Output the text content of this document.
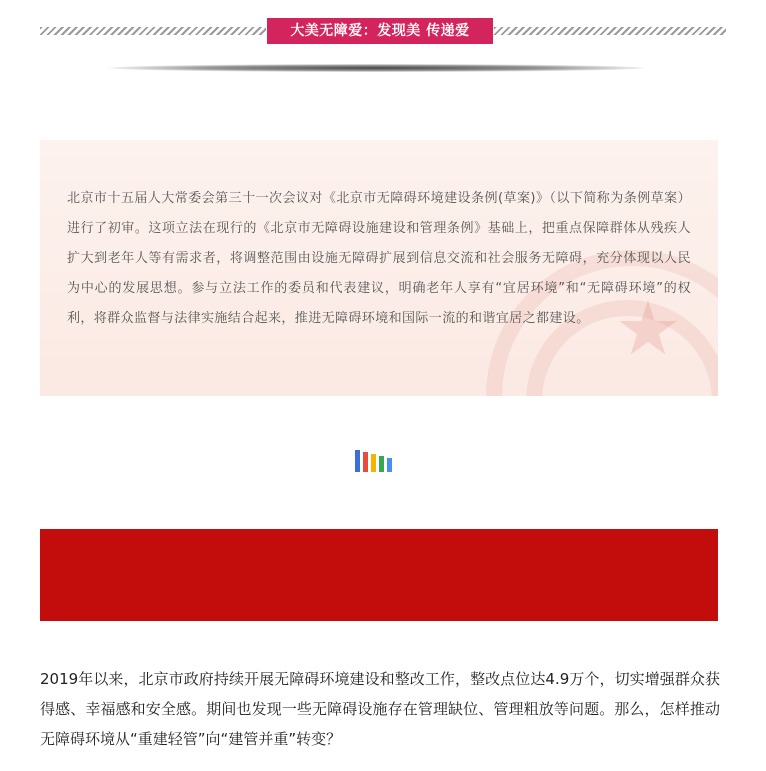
大美无障爱：发现美 传递爱
北京市十五届人大常委会第三十一次会议对《北京市无障碍环境建设条例(草案)》（以下简称为条例草案）进行了初审。这项立法在现行的《北京市无障碍设施建设和管理条例》基础上，把重点保障群体从残疾人扩大到老年人等有需求者，将调整范围由设施无障碍扩展到信息交流和社会服务无障碍，充分体现以人民为中心的发展思想。参与立法工作的委员和代表建议，明确老年人享有“宜居环境”和“无障碍环境”的权利，将群众监督与法律实施结合起来，推进无障碍环境和国际一流的和谐宜居之都建设。
2019年以来，北京市政府持续开展无障碍环境建设和整改工作，整改点位达4.9万个，切实增强群众获得感、幸福感和安全感。期间也发现一些无障碍设施存在管理缺位、管理粗放等问题。那么，怎样推动无障碍环境从“重建轻管”向“建管并重”转变？
